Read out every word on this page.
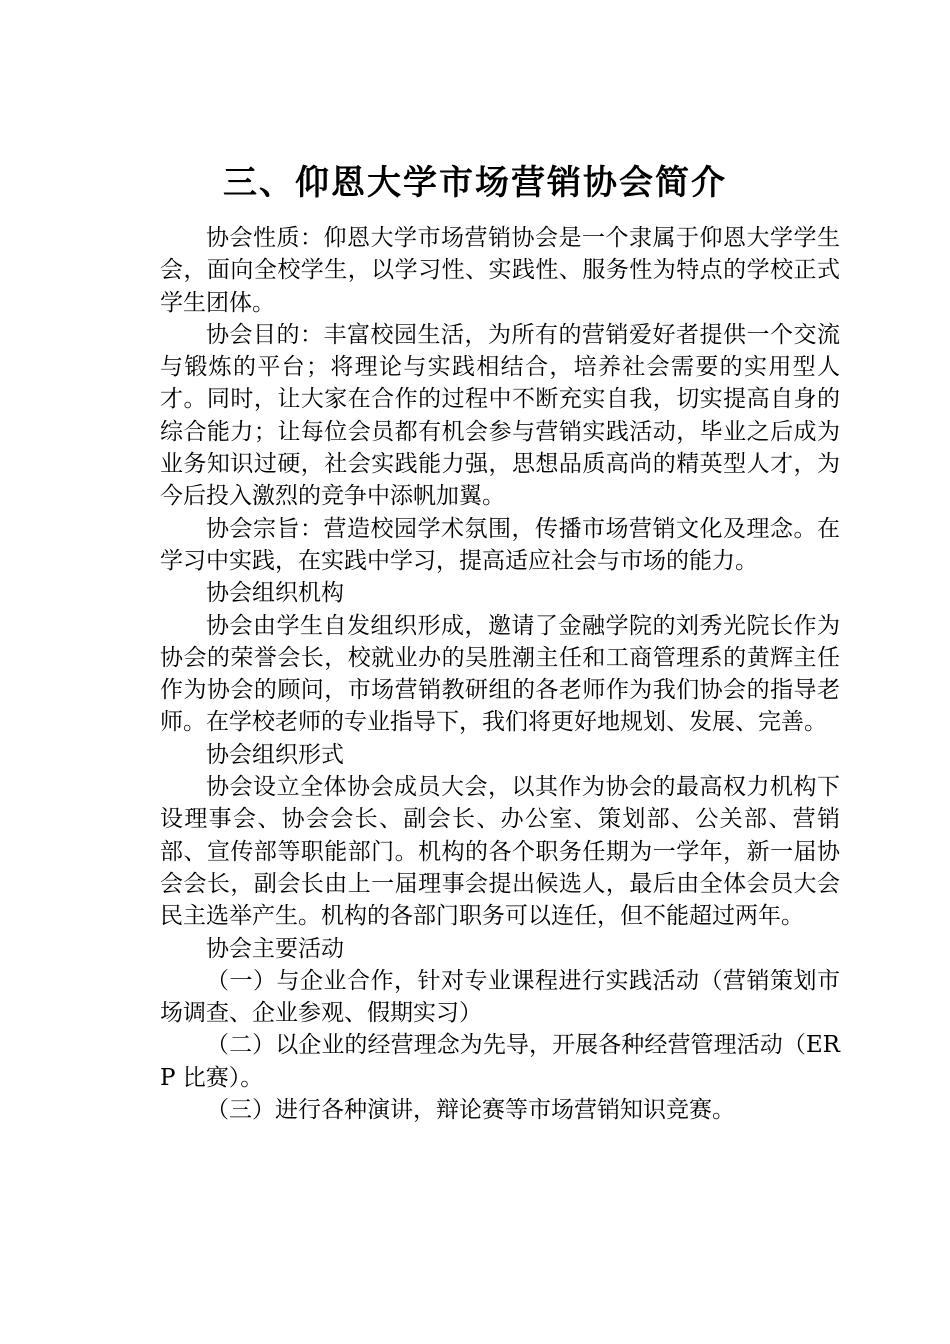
三、仰恩大学市场营销协会简介

协会性质：仰恩大学市场营销协会是一个隶属于仰恩大学学生会，面向全校学生，以学习性、实践性、服务性为特点的学校正式学生团体。

协会目的：丰富校园生活，为所有的营销爱好者提供一个交流与锻炼的平台；将理论与实践相结合，培养社会需要的实用型人才。同时，让大家在合作的过程中不断充实自我，切实提高自身的综合能力；让每位会员都有机会参与营销实践活动，毕业之后成为业务知识过硬，社会实践能力强，思想品质高尚的精英型人才，为今后投入激烈的竞争中添帆加翼。

协会宗旨：营造校园学术氛围，传播市场营销文化及理念。在学习中实践，在实践中学习，提高适应社会与市场的能力。

协会组织机构

协会由学生自发组织形成，邀请了金融学院的刘秀光院长作为协会的荣誉会长，校就业办的吴胜潮主任和工商管理系的黄辉主任作为协会的顾问，市场营销教研组的各老师作为我们协会的指导老师。在学校老师的专业指导下，我们将更好地规划、发展、完善。

协会组织形式

协会设立全体协会成员大会，以其作为协会的最高权力机构下设理事会、协会会长、副会长、办公室、策划部、公关部、营销部、宣传部等职能部门。机构的各个职务任期为一学年，新一届协会会长，副会长由上一届理事会提出候选人，最后由全体会员大会民主选举产生。机构的各部门职务可以连任，但不能超过两年。

协会主要活动

（一）与企业合作，针对专业课程进行实践活动（营销策划市场调查、企业参观、假期实习）

（二）以企业的经营理念为先导，开展各种经营管理活动（ERP 比赛）。

（三）进行各种演讲，辩论赛等市场营销知识竞赛。
